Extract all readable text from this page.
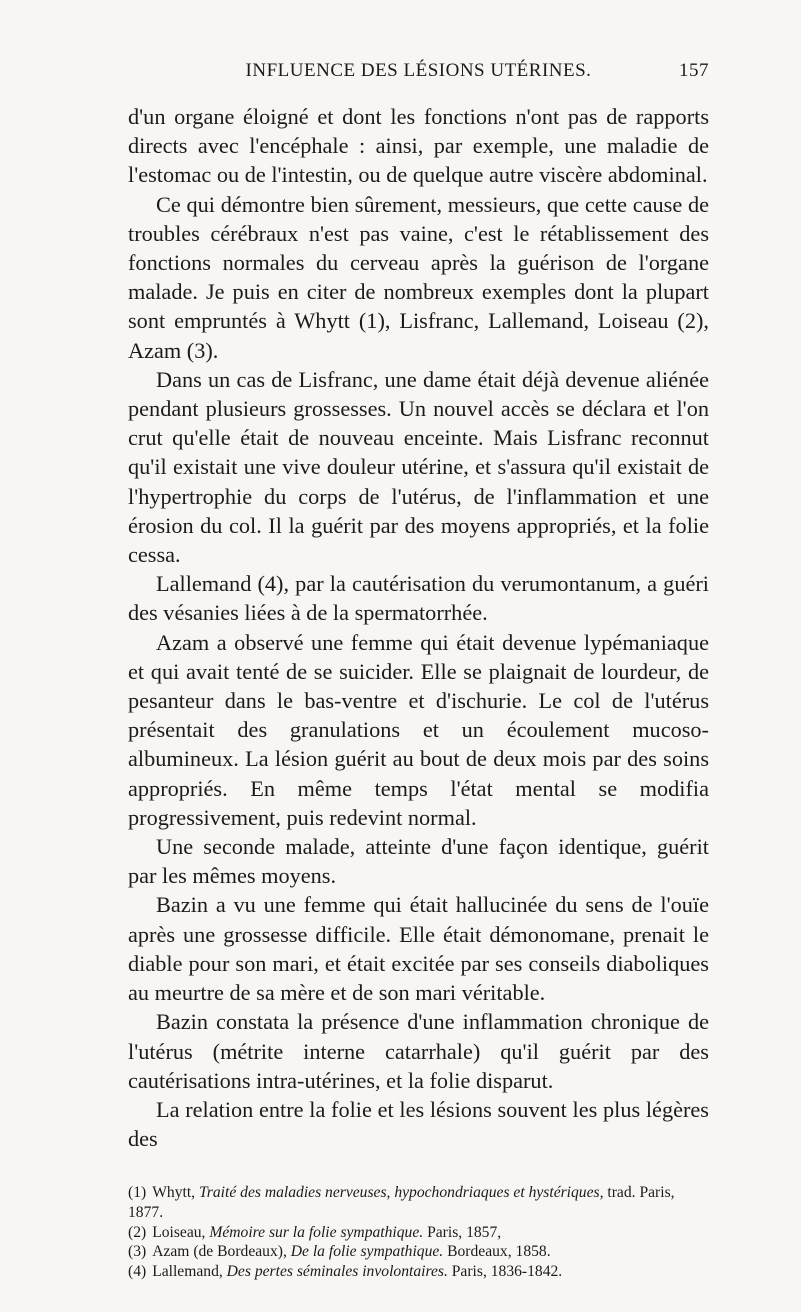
INFLUENCE DES LÉSIONS UTÉRINES.	157

d'un organe éloigné et dont les fonctions n'ont pas de rapports directs avec l'encéphale : ainsi, par exemple, une maladie de l'estomac ou de l'intestin, ou de quelque autre viscère abdominal.

Ce qui démontre bien sûrement, messieurs, que cette cause de troubles cérébraux n'est pas vaine, c'est le rétablissement des fonctions normales du cerveau après la guérison de l'organe malade. Je puis en citer de nombreux exemples dont la plupart sont empruntés à Whytt (1), Lisfranc, Lallemand, Loiseau (2), Azam (3).

Dans un cas de Lisfranc, une dame était déjà devenue aliénée pendant plusieurs grossesses. Un nouvel accès se déclara et l'on crut qu'elle était de nouveau enceinte. Mais Lisfranc reconnut qu'il existait une vive douleur utérine, et s'assura qu'il existait de l'hypertrophie du corps de l'utérus, de l'inflammation et une érosion du col. Il la guérit par des moyens appropriés, et la folie cessa.

Lallemand (4), par la cautérisation du verumontanum, a guéri des vésanies liées à de la spermatorrhée.

Azam a observé une femme qui était devenue lypémaniaque et qui avait tenté de se suicider. Elle se plaignait de lourdeur, de pesanteur dans le bas-ventre et d'ischurie. Le col de l'utérus présentait des granulations et un écoulement mucoso-albumineux. La lésion guérit au bout de deux mois par des soins appropriés. En même temps l'état mental se modifia progressivement, puis redevint normal.

Une seconde malade, atteinte d'une façon identique, guérit par les mêmes moyens.

Bazin a vu une femme qui était hallucinée du sens de l'ouïe après une grossesse difficile. Elle était démonomane, prenait le diable pour son mari, et était excitée par ses conseils diaboliques au meurtre de sa mère et de son mari véritable.

Bazin constata la présence d'une inflammation chronique de l'utérus (métrite interne catarrhale) qu'il guérit par des cautérisations intra-utérines, et la folie disparut.

La relation entre la folie et les lésions souvent les plus légères des

(1) Whytt, Traité des maladies nerveuses, hypochondriaques et hystériques, trad. Paris, 1877.

(2) Loiseau, Mémoire sur la folie sympathique. Paris, 1857,

(3) Azam (de Bordeaux), De la folie sympathique. Bordeaux, 1858.

(4) Lallemand, Des pertes séminales involontaires. Paris, 1836-1842.
